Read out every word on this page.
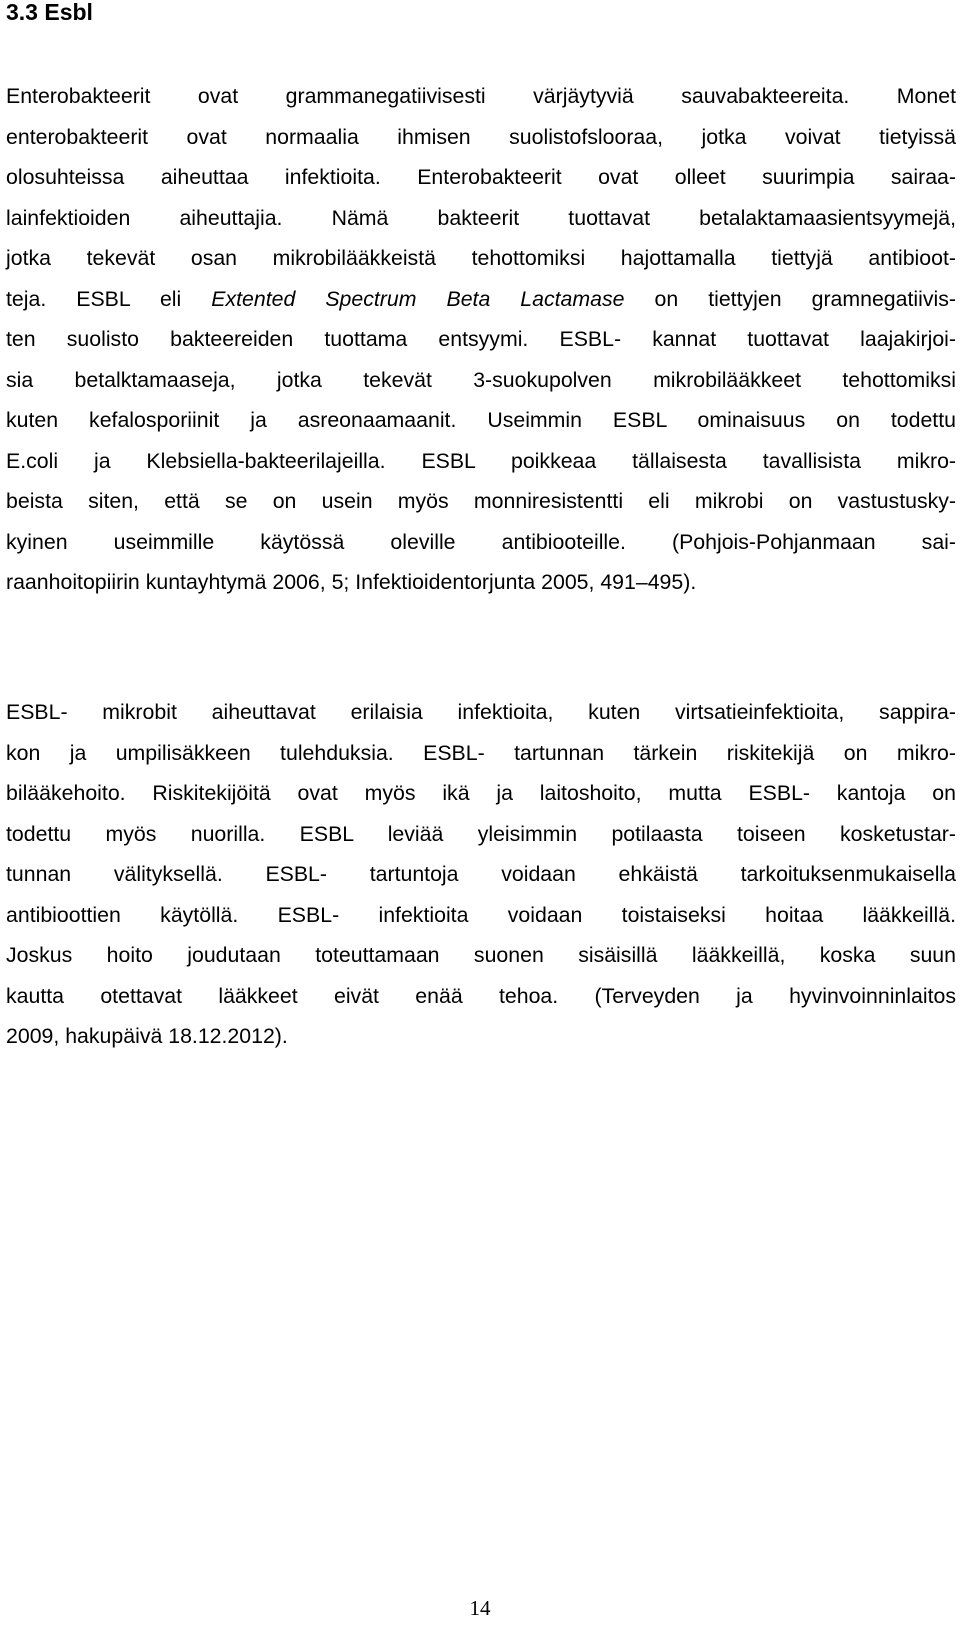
3.3 Esbl
Enterobakteerit ovat grammanegatiivisesti värjäytyviä sauvabakteereita. Monet
enterobakteerit ovat normaalia ihmisen suolistofslooraa, jotka voivat tietyissä
olosuhteissa aiheuttaa infektioita. Enterobakteerit ovat olleet suurimpia sairaa-
lainfektioiden aiheuttajia. Nämä bakteerit tuottavat betalaktamaasientsyymejä,
jotka tekevät osan mikrobilääkkeistä tehottomiksi hajottamalla tiettyjä antibioot-
teja. ESBL eli Extented Spectrum Beta Lactamase on tiettyjen gramnegatiivis-
ten suolisto bakteereiden tuottama entsyymi. ESBL- kannat tuottavat laajakirjoi-
sia betalktamaaseja, jotka tekevät 3-suokupolven mikrobilääkkeet tehottomiksi
kuten kefalosporiinit ja asreonaamaanit. Useimmin ESBL ominaisuus on todettu
E.coli ja Klebsiella-bakteerilajeilla. ESBL poikkeaa tällaisesta tavallisista mikro-
beista siten, että se on usein myös monniresistentti eli mikrobi on vastustusky-
kyinen useimmille käytössä oleville antibiooteille. (Pohjois-Pohjanmaan sai-
raanhoitopiirin kuntayhtymä 2006, 5; Infektioidentorjunta 2005, 491–495).
ESBL- mikrobit aiheuttavat erilaisia infektioita, kuten virtsatieinfektioita, sappira-
kon ja umpilisäkkeen tulehduksia. ESBL- tartunnan tärkein riskitekijä on mikro-
bilääkehoito. Riskitekijöitä ovat myös ikä ja laitoshoito, mutta ESBL- kantoja on
todettu myös nuorilla. ESBL leviää yleisimmin potilaasta toiseen kosketustar-
tunnan välityksellä. ESBL- tartuntoja voidaan ehkäistä tarkoituksenmukaisella
antibioottien käytöllä. ESBL- infektioita voidaan toistaiseksi hoitaa lääkkeillä.
Joskus hoito joudutaan toteuttamaan suonen sisäisillä lääkkeillä, koska suun
kautta otettavat lääkkeet eivät enää tehoa. (Terveyden ja hyvinvoinninlaitos
2009, hakupäivä 18.12.2012).
14
